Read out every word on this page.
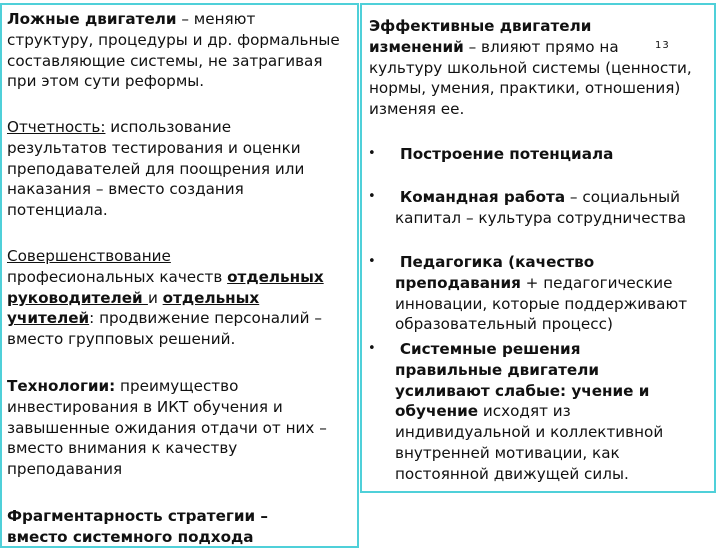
13
Ложные двигатели – меняют
структуру, процедуры и др. формальные
составляющие системы, не затрагивая
при этом сути реформы.
Отчетность: использование
результатов тестирования и оценки
преподавателей для поощрения или
наказания – вместо создания
потенциала.
Совершенствование
професиональных качеств отдельных
руководителей и отдельных
учителей: продвижение персоналий –
вместо групповых решений.
Технологии: преимущество
инвестирования в ИКТ обучения и
завышенные ожидания отдачи от них –
вместо внимания к качеству
преподавания
Фрагментарность стратегии –
вместо системного подхода
Эффективные двигатели
изменений – влияют прямо на
культуру школьной системы (ценности,
нормы, умения, практики, отношения)
изменяя ее.
• Построение потенциала
•	Командная работа – социальный
капитал – культура сотрудничества
•	Педагогика (качество
преподавания + педагогические
инновации, которые поддерживают
образовательный процесс)
•	Системные решения
правильные двигатели
усиливают слабые: учение и
обучение исходят из
индивидуальной и коллективной
внутренней мотивации, как
постоянной движущей силы.
